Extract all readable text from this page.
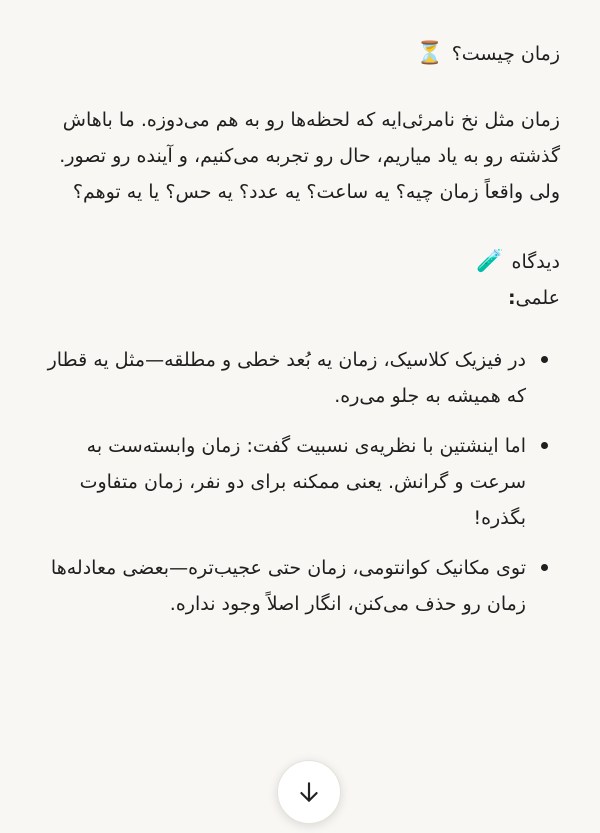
زمان چیست؟
⏳

زمان مثل نخ نامرئی‌ایه که لحظه‌ها رو به هم می‌دوزه. ما باهاش گذشته رو به یاد میاریم، حال رو تجربه می‌کنیم، و آینده رو تصور.

ولی واقعاً زمان چیه؟ یه ساعت؟ یه عدد؟ یه حس؟ یا یه توهم؟

دیدگاه
🧪
علمی:
در فیزیک کلاسیک، زمان یه بُعد خطی و مطلقه—مثل یه قطار که همیشه به جلو می‌ره.
اما اینشتین با نظریه‌ی نسبیت گفت: زمان وابسته‌ست به سرعت و گرانش. یعنی ممکنه برای دو نفر، زمان متفاوت بگذره!
توی مکانیک کوانتومی، زمان حتی عجیب‌تره—بعضی معادله‌ها زمان رو حذف می‌کنن، انگار اصلاً وجود نداره.
